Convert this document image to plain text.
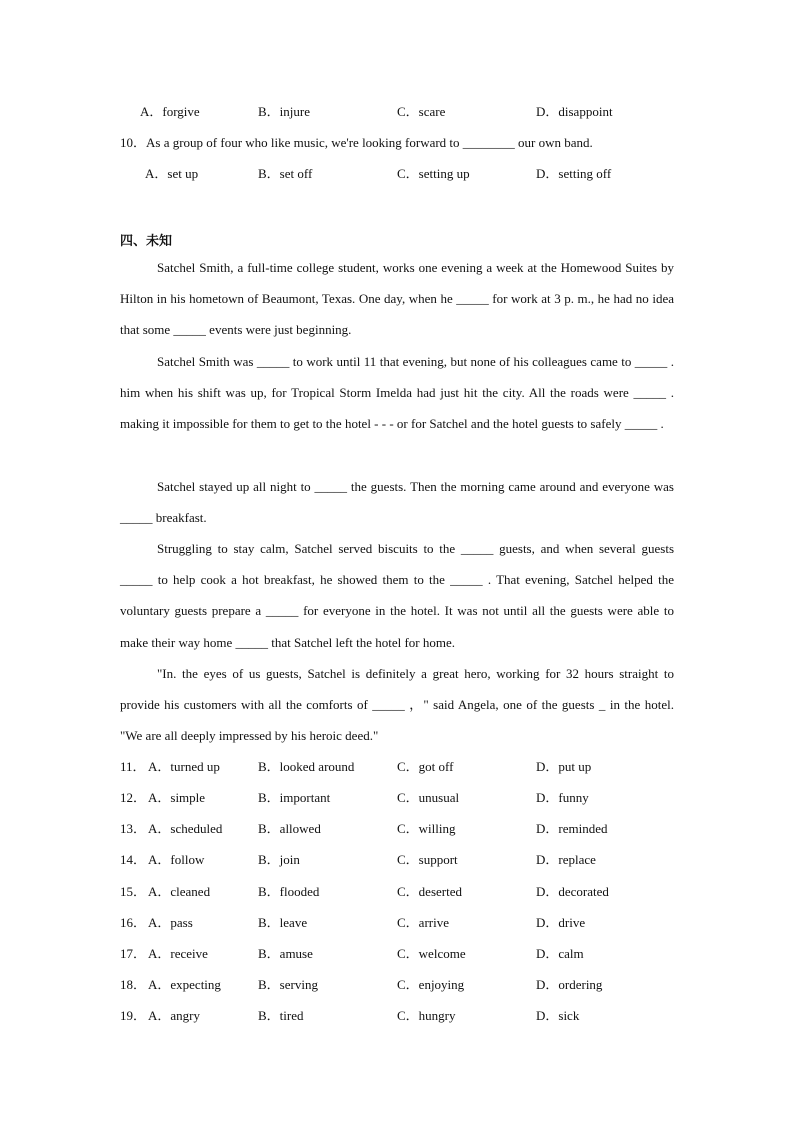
A．forgive	B．injure	C．scare	D．disappoint
10．As a group of four who like music, we're looking forward to ________ our own band.
A．set up	B．set off	C．setting up	D．setting off
四、未知

Satchel Smith, a full-time college student, works one evening a week at the Homewood Suites by Hilton in his hometown of Beaumont, Texas. One day, when he _____ for work at 3 p. m., he had no idea that some _____ events were just beginning.

Satchel Smith was _____ to work until 11 that evening, but none of his colleagues came to _____ . him when his shift was up, for Tropical Storm Imelda had just hit the city. All the roads were _____ . making it impossible for them to get to the hotel - - - or for Satchel and the hotel guests to safely _____ .

Satchel stayed up all night to _____ the guests. Then the morning came around and everyone was _____ breakfast.

Struggling to stay calm, Satchel served biscuits to the _____ guests, and when several guests _____ to help cook a hot breakfast, he showed them to the _____ . That evening, Satchel helped the voluntary guests prepare a _____ for everyone in the hotel. It was not until all the guests were able to make their way home _____ that Satchel left the hotel for home.

"In. the eyes of us guests, Satchel is definitely a great hero, working for 32 hours straight to provide his customers with all the comforts of _____ ，" said Angela, one of the guests _ in the hotel. "We are all deeply impressed by his heroic deed."

11． A．turned up	B．looked around	C．got off	D．put up
12． A．simple	B．important	C．unusual	D．funny
13． A．scheduled	B．allowed	C．willing	D．reminded
14． A．follow	B．join	C．support	D．replace
15． A．cleaned	B．flooded	C．deserted	D．decorated
16． A．pass	B．leave	C．arrive	D．drive
17． A．receive	B．amuse	C．welcome	D．calm
18． A．expecting	B．serving	C．enjoying	D．ordering
19． A．angry	B．tired	C．hungry	D．sick
